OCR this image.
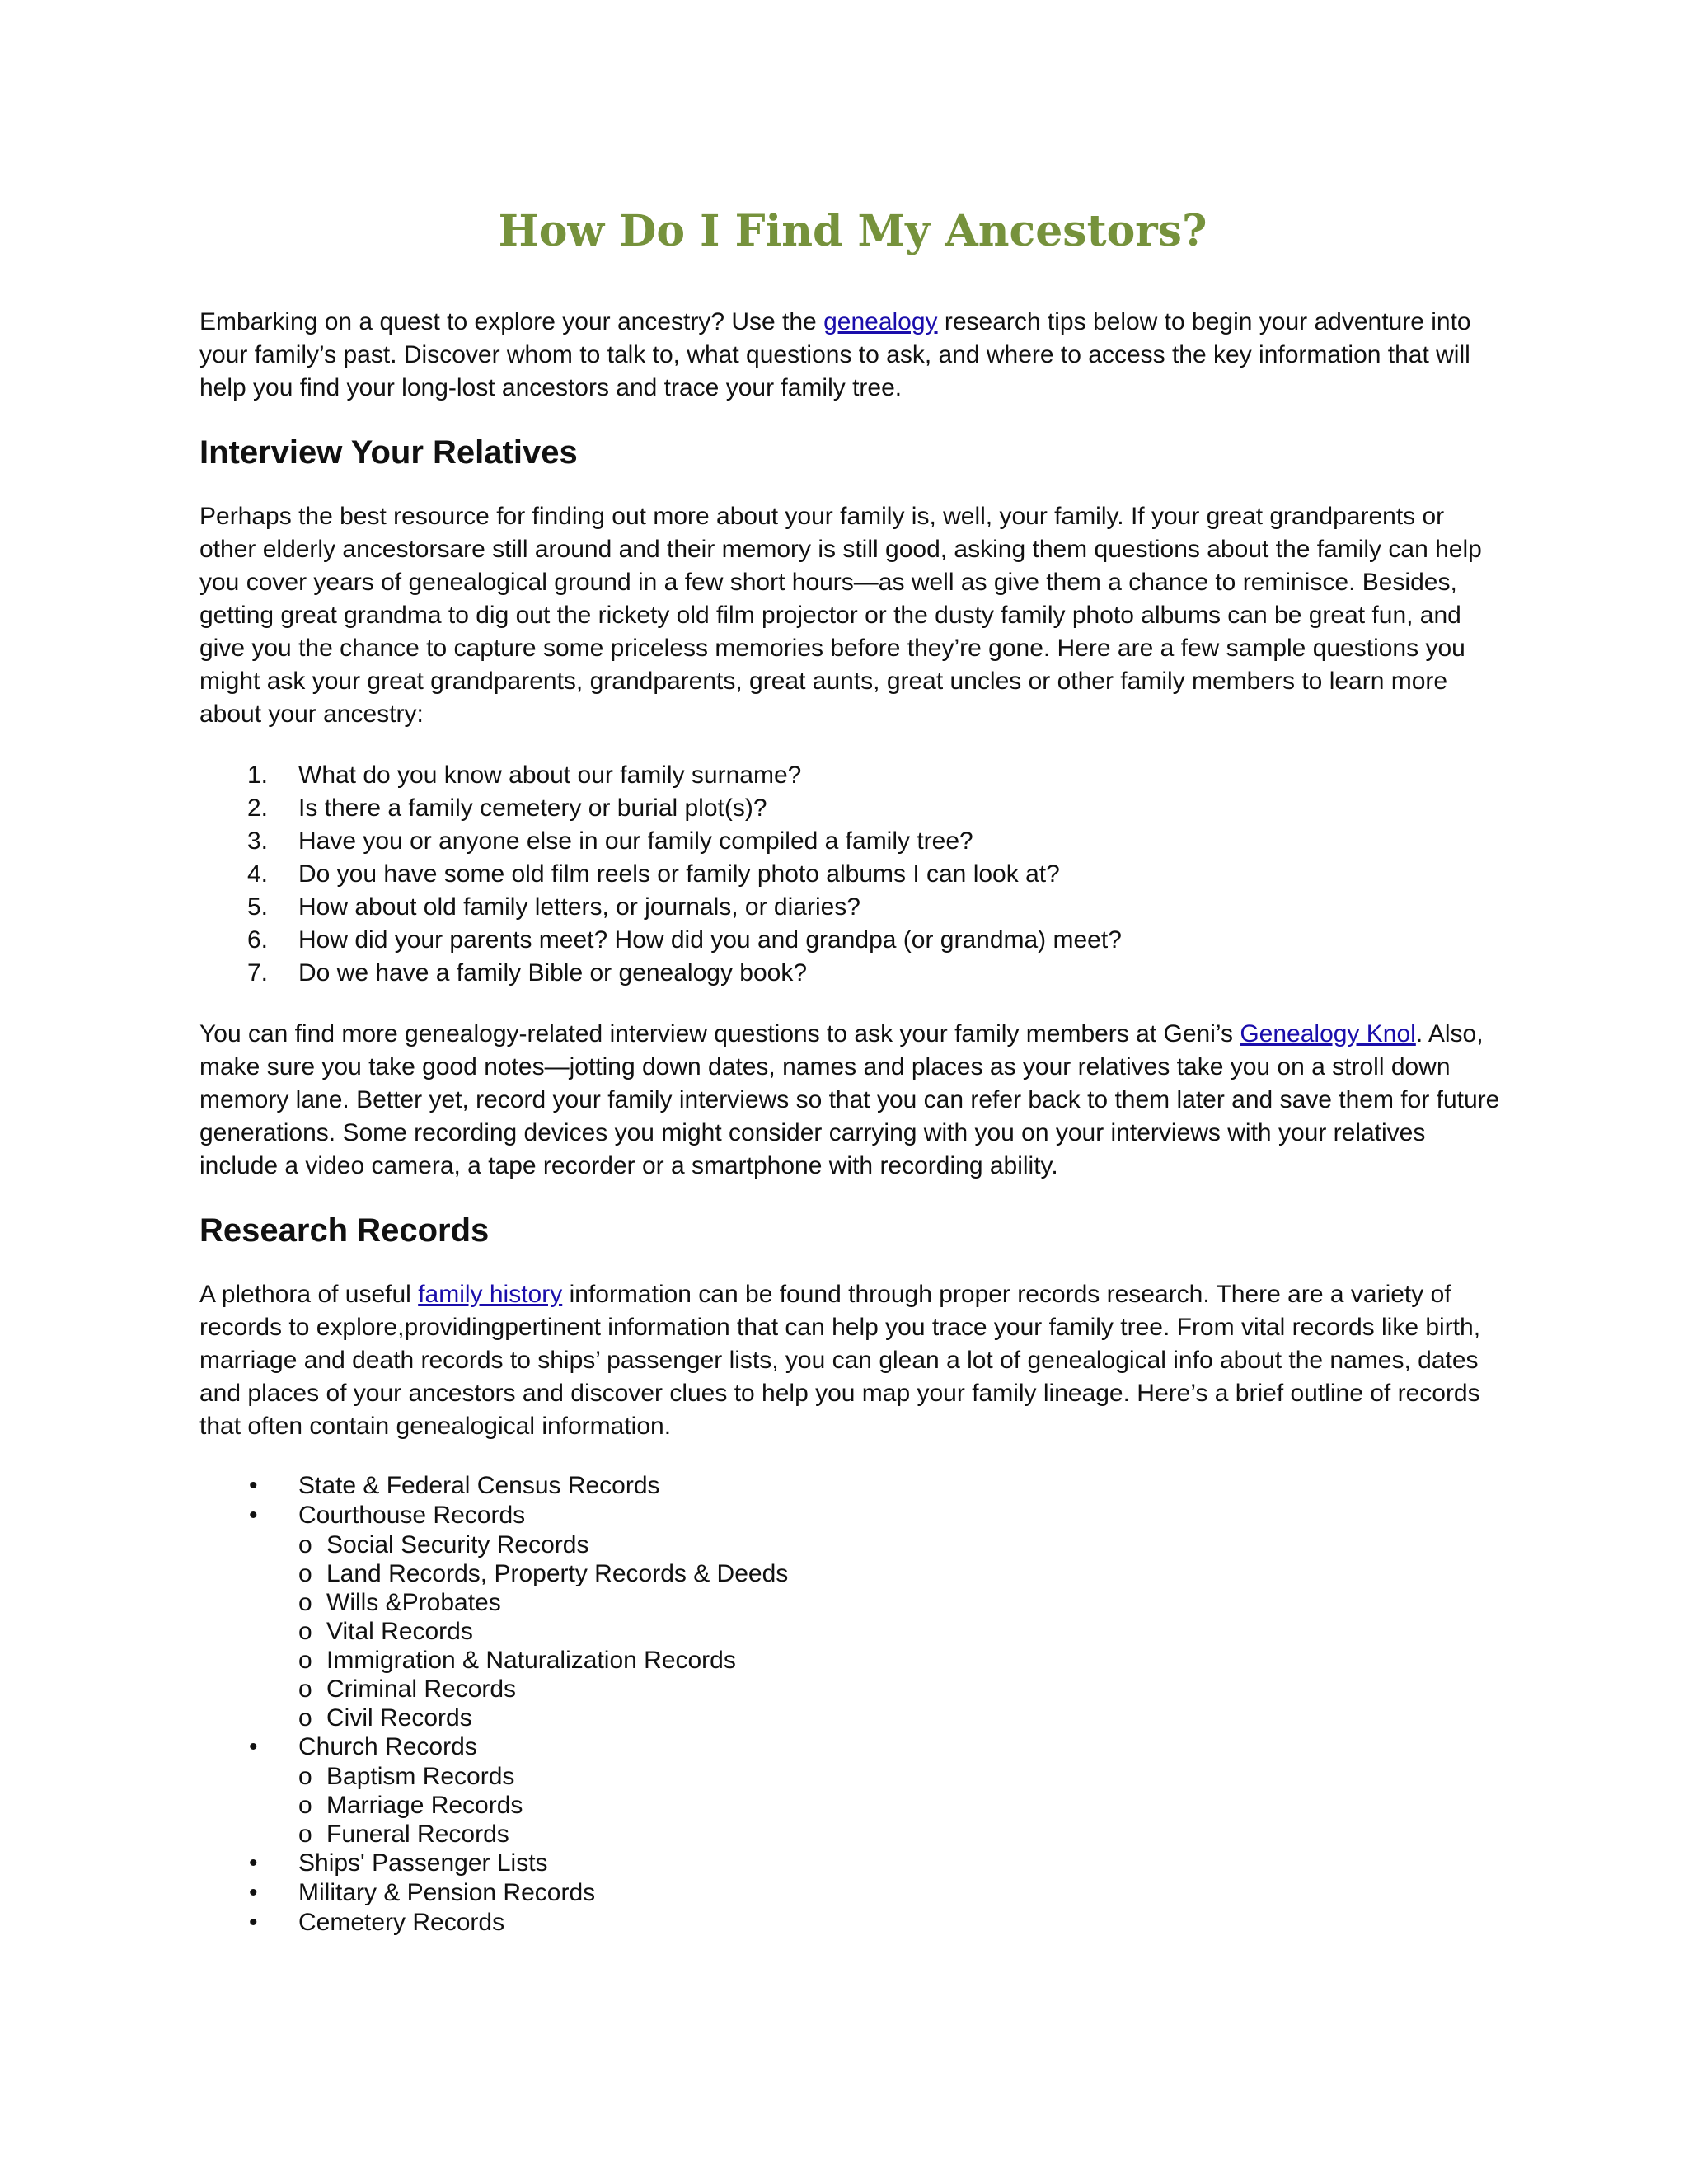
How Do I Find My Ancestors?

Embarking on a quest to explore your ancestry? Use the genealogy research tips below to begin your adventure into your family’s past. Discover whom to talk to, what questions to ask, and where to access the key information that will help you find your long-lost ancestors and trace your family tree.

Interview Your Relatives

Perhaps the best resource for finding out more about your family is, well, your family. If your great grandparents or other elderly ancestorsare still around and their memory is still good, asking them questions about the family can help you cover years of genealogical ground in a few short hours—as well as give them a chance to reminisce. Besides, getting great grandma to dig out the rickety old film projector or the dusty family photo albums can be great fun, and give you the chance to capture some priceless memories before they’re gone. Here are a few sample questions you might ask your great grandparents, grandparents, great aunts, great uncles or other family members to learn more about your ancestry:

1.	What do you know about our family surname?
2.	Is there a family cemetery or burial plot(s)?
3.	Have you or anyone else in our family compiled a family tree?
4.	Do you have some old film reels or family photo albums I can look at?
5.	How about old family letters, or journals, or diaries?
6.	How did your parents meet? How did you and grandpa (or grandma) meet?
7.	Do we have a family Bible or genealogy book?

You can find more genealogy-related interview questions to ask your family members at Geni’s Genealogy Knol. Also, make sure you take good notes—jotting down dates, names and places as your relatives take you on a stroll down memory lane. Better yet, record your family interviews so that you can refer back to them later and save them for future generations. Some recording devices you might consider carrying with you on your interviews with your relatives include a video camera, a tape recorder or a smartphone with recording ability.

Research Records

A plethora of useful family history information can be found through proper records research. There are a variety of records to explore,providingpertinent information that can help you trace your family tree. From vital records like birth, marriage and death records to ships’ passenger lists, you can glean a lot of genealogical info about the names, dates and places of your ancestors and discover clues to help you map your family lineage. Here’s a brief outline of records that often contain genealogical information.

• State & Federal Census Records
• Courthouse Records
o Social Security Records
o Land Records, Property Records & Deeds
o Wills &Probates
o Vital Records
o Immigration & Naturalization Records
o Criminal Records
o Civil Records
• Church Records
o Baptism Records
o Marriage Records
o Funeral Records
• Ships' Passenger Lists
• Military & Pension Records
• Cemetery Records
